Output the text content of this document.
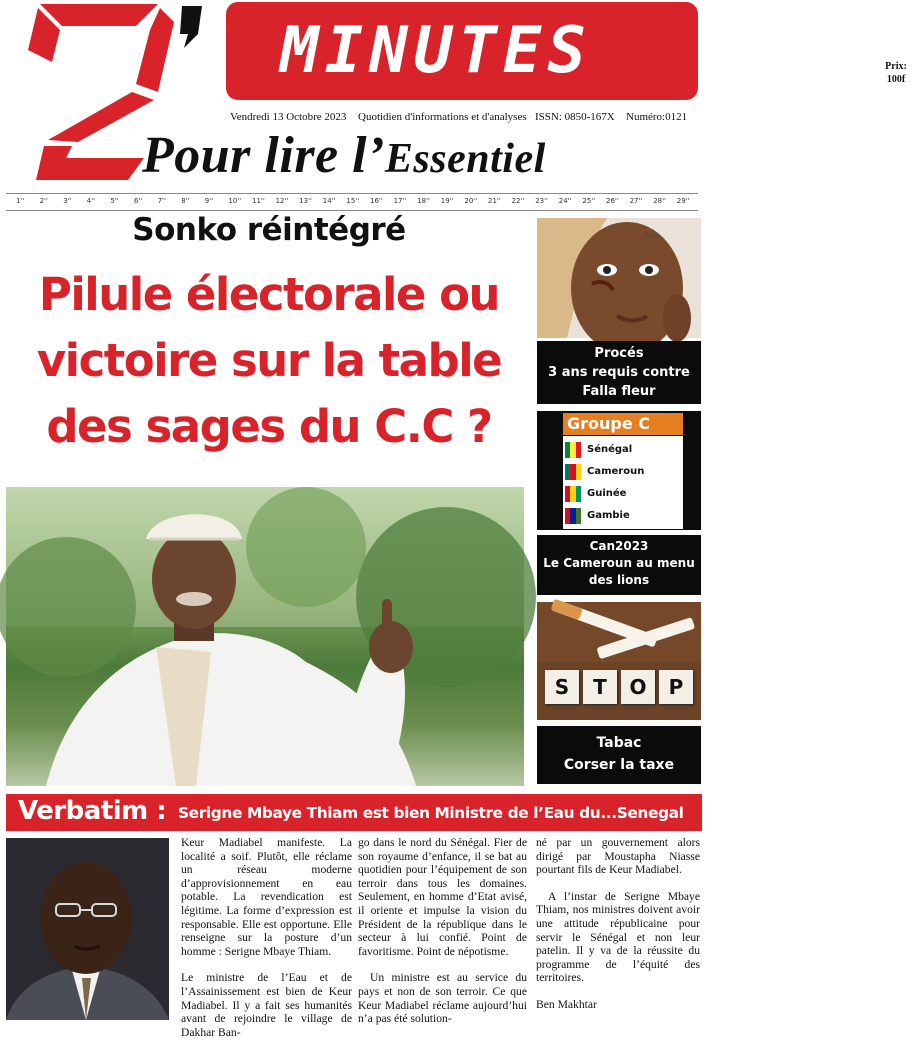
MINUTES	Prix:
100f
Vendredi 13 Octobre 2023 Quotidien d'informations et d'analyses ISSN: 0850-167X Numéro:0121
Pour lire l’Essentiel
1'' 2'' 3'' 4'' 5'' 6'' 7'' 8'' 9'' 10'' 11'' 12'' 13'' 14'' 15'' 16'' 17'' 18'' 19'' 20'' 21'' 22'' 23'' 24'' 25'' 26'' 27'' 28'' 29''
Sonko réintégré
Pilule électorale ou
victoire sur la table
des sages du C.C ?
Free
Procés
3 ans requis contre
Falla fleur
Groupe C
Sénégal
Cameroun
Guinée
Gambie
Can2023
Le Cameroun au menu
des lions
S	T	O	P
Tabac
Corser la taxe
Verbatim : Serigne Mbaye Thiam est bien Ministre de l’Eau du...Senegal

Keur Madiabel manifeste. La localité a soif. Plutôt, elle réclame un réseau moderne d’approvisionnement en eau potable. La revendication est légitime. La forme d’expression est responsable. Elle est opportune. Elle renseigne sur la posture d’un homme : Serigne Mbaye Thiam.

Le ministre de l’Eau et de l’Assainissement est bien de Keur Madiabel. Il y a fait ses humanités avant de rejoindre le village de Dakhar Ban-

go dans le nord du Sénégal. Fier de son royaume d’enfance, il se bat au quotidien pour l’équipement de son terroir dans tous les domaines. Seulement, en homme d’Etat avisé, il oriente et impulse la vision du Président de la république dans le secteur à lui confié. Point de favoritisme. Point de népotisme.

Un ministre est au service du pays et non de son terroir. Ce que Keur Madiabel réclame aujourd’hui n’a pas été solution-

né par un gouvernement alors dirigé par Moustapha Niasse pourtant fils de Keur Madiabel.

A l’instar de Serigne Mbaye Thiam, nos ministres doivent avoir une attitude républicaine pour servir le Sénégal et non leur patelin. Il y va de la réussite du programme de l’équité des territoires.

Ben Makhtar
